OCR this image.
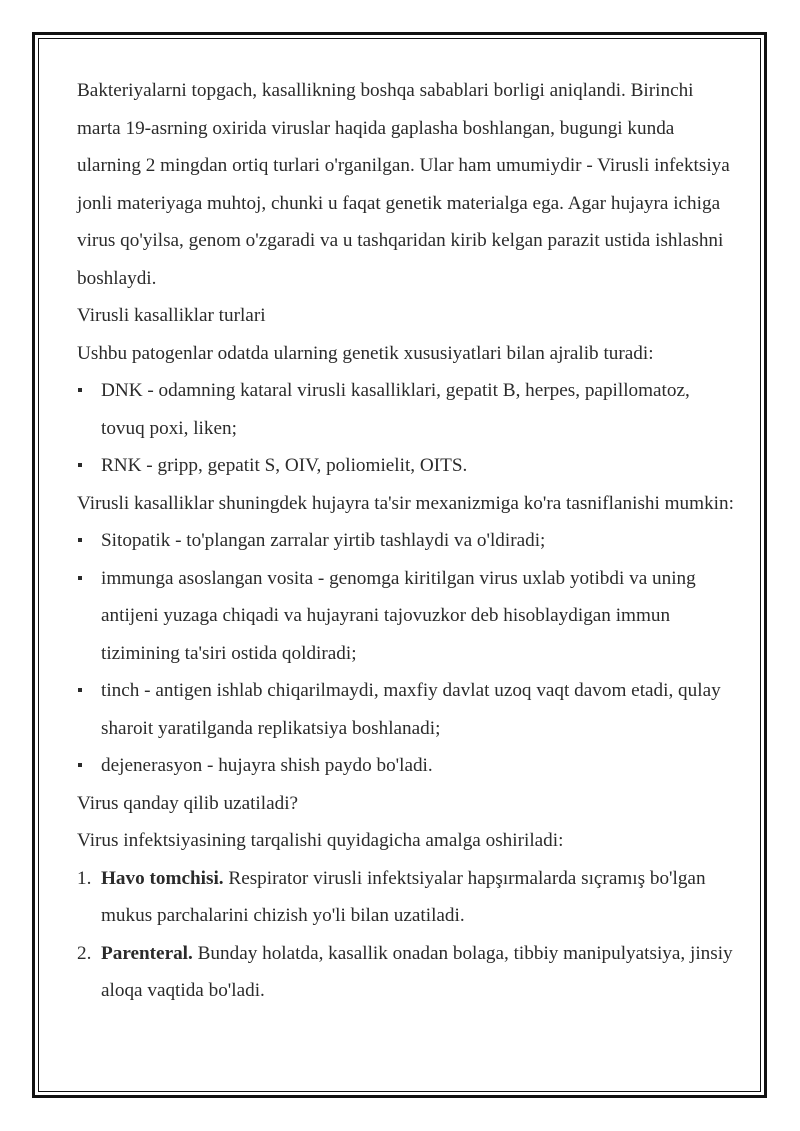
Bakteriyalarni topgach, kasallikning boshqa sabablari borligi aniqlandi. Birinchi marta 19-asrning oxirida viruslar haqida gaplasha boshlangan, bugungi kunda ularning 2 mingdan ortiq turlari o'rganilgan. Ular ham umumiydir - Virusli infektsiya jonli materiyaga muhtoj, chunki u faqat genetik materialga ega. Agar hujayra ichiga virus qo'yilsa, genom o'zgaradi va u tashqaridan kirib kelgan parazit ustida ishlashni boshlaydi.

Virusli kasalliklar turlari

Ushbu patogenlar odatda ularning genetik xususiyatlari bilan ajralib turadi:

DNK - odamning kataral virusli kasalliklari, gepatit B, herpes, papillomatoz, tovuq poxi, liken;
RNK - gripp, gepatit S, OIV, poliomielit, OITS.

Virusli kasalliklar shuningdek hujayra ta'sir mexanizmiga ko'ra tasniflanishi mumkin:

Sitopatik - to'plangan zarralar yirtib tashlaydi va o'ldiradi;
immunga asoslangan vosita - genomga kiritilgan virus uxlab yotibdi va uning antijeni yuzaga chiqadi va hujayrani tajovuzkor deb hisoblaydigan immun tizimining ta'siri ostida qoldiradi;
tinch - antigen ishlab chiqarilmaydi, maxfiy davlat uzoq vaqt davom etadi, qulay sharoit yaratilganda replikatsiya boshlanadi;
dejenerasyon - hujayra shish paydo bo'ladi.

Virus qanday qilib uzatiladi?

Virus infektsiyasining tarqalishi quyidagicha amalga oshiriladi:

1. Havo tomchisi. Respirator virusli infektsiyalar hapşırmalarda sıçramış bo'lgan mukus parchalarini chizish yo'li bilan uzatiladi.
2. Parenteral. Bunday holatda, kasallik onadan bolaga, tibbiy manipulyatsiya, jinsiy aloqa vaqtida bo'ladi.
